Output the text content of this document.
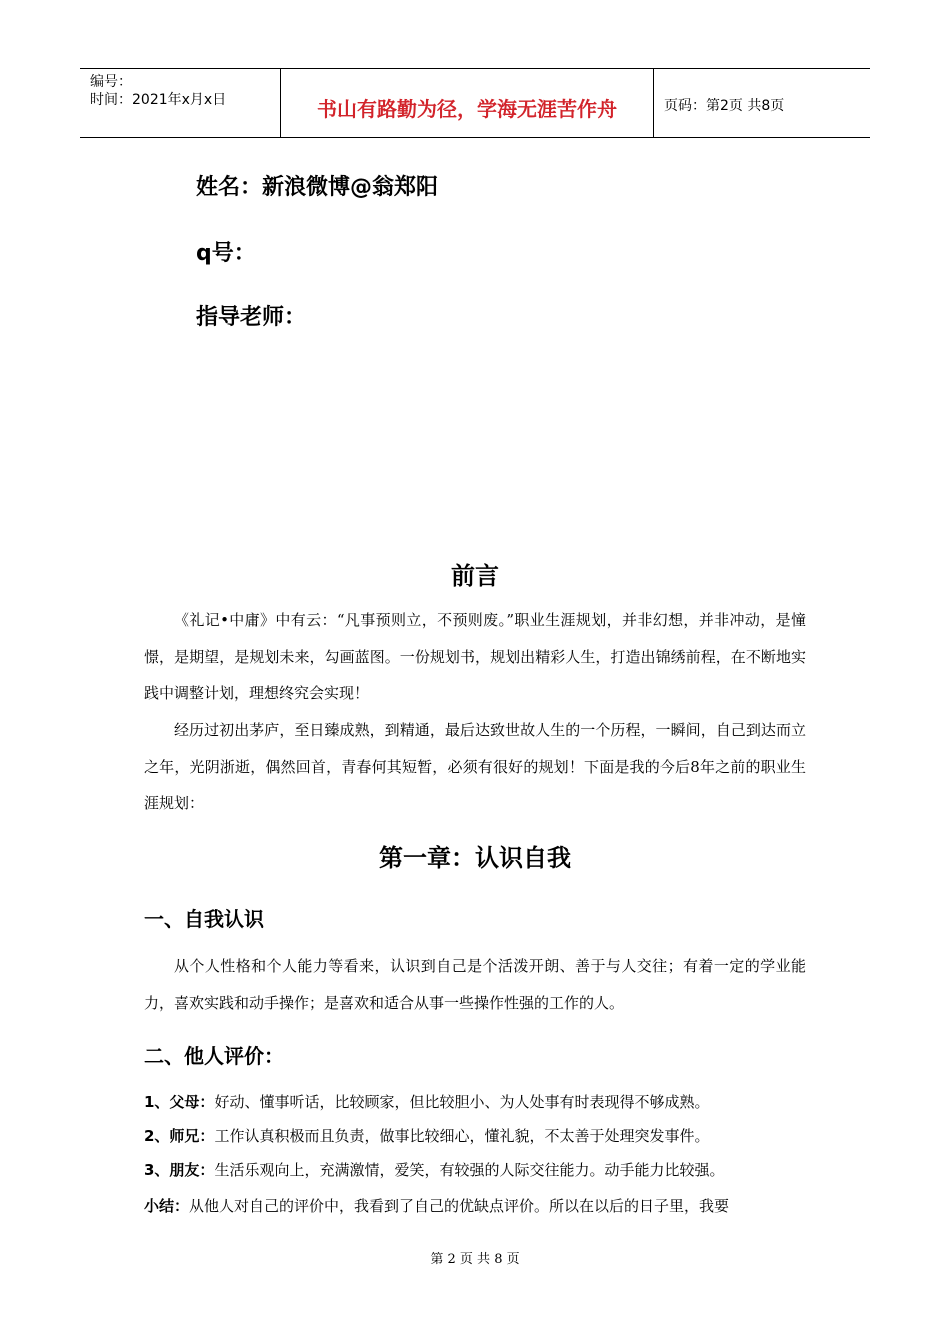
编号：
时间：2021年x月x日	书山有路勤为径，学海无涯苦作舟	页码：第2页 共8页
姓名：新浪微博@翁郑阳
q号：
指导老师：
前言
《礼记•中庸》中有云：“凡事预则立，不预则废。”职业生涯规划，并非幻想，并非冲动，是憧憬，是期望，是规划未来，勾画蓝图。一份规划书，规划出精彩人生，打造出锦绣前程，在不断地实践中调整计划，理想终究会实现！
经历过初出茅庐，至日臻成熟，到精通，最后达致世故人生的一个历程，一瞬间，自己到达而立之年，光阴浙逝，偶然回首，青春何其短暂，必须有很好的规划！下面是我的今后8年之前的职业生涯规划：
第一章：认识自我
一、自我认识
从个人性格和个人能力等看来，认识到自己是个活泼开朗、善于与人交往；有着一定的学业能力，喜欢实践和动手操作；是喜欢和适合从事一些操作性强的工作的人。
二、他人评价：
1、父母：好动、懂事听话，比较顾家，但比较胆小、为人处事有时表现得不够成熟。
2、师兄：工作认真积极而且负责，做事比较细心，懂礼貌，不太善于处理突发事件。
3、朋友：生活乐观向上，充满激情，爱笑，有较强的人际交往能力。动手能力比较强。
小结：从他人对自己的评价中，我看到了自己的优缺点评价。所以在以后的日子里，我要
第 2 页 共 8 页
